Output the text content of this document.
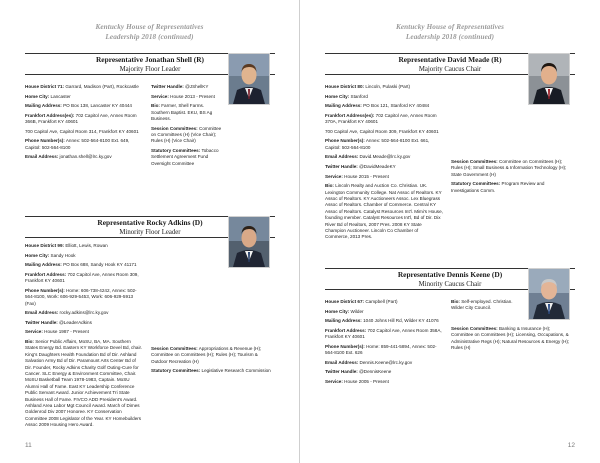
Kentucky House of Representatives
Leadership 2018 (continued)
Representative Jonathan Shell (R)
Majority Floor Leader

House District 71: Garrard, Madison (Part), Rockcastle

Home City: Lancaster

Mailing Address: PO Box 138, Lancaster KY 40444

Frankfort Address(es): 702 Capitol Ave, Annex Room 366B, Frankfort KY 40601

700 Capitol Ave, Capitol Room 314, Frankfort KY 40601

Phone Number(s): Annex: 502-564-8100 Ext. 649, Capitol: 502-564-8100

Email Address: jonathan.shell@lrc.ky.gov

Twitter Handle: @JShellKY

Service: House 2013 - Present

Bio: Farmer, Shell Farms. Southern Baptist. EKU, BS Ag Business.

Session Committees: Committee on Committees (H) (Vice Chair); Rules (H) (Vice Chair)

Statutory Committees: Tobacco Settlement Agreement Fund Oversight Committee

Representative Rocky Adkins (D)
Minority Floor Leader

House District 99: Elliott, Lewis, Rowan

Home City: Sandy Hook

Mailing Address: PO Box 688, Sandy Hook KY 41171

Frankfort Address: 702 Capitol Ave, Annex Room 309, Frankfort KY 40601

Phone Number(s): Home: 606-738-4242, Annex: 502-564-8100, Work: 606-929-5453, Work: 606-929-5913 (Fax)

Email Address: rocky.adkins@lrc.ky.gov

Twitter Handle: @LeaderAdkins

Service: House 1987 - Present

Bio: Senior Public Affairs, MoSU, BA, MA. Southern States Energy Bd. Eastern KY Workforce Devel Bd, chair. King's Daughters Health Foundation Bd of Dir. Ashland Salvation Army Bd of Dir. Paramount Arts Center Bd of Dir. Founder, Rocky Adkins Charity Golf Outing-Cure for Cancer. SLC Energy & Environment Committee, Chair. MoSU Basketball Team 1978-1983, Captain. MoSU Alumni Hall of Fame. East KY Leadership Conference Public Servant Award. Junior Achievement Tri State Business Hall of Fame. FIVCO ADD President's Award. Ashland Area Labor Mgt Council Award. March of Dimes Goldenrod Div 2007 Honoree. KY Conservation Committee 2008 Legislator of the Year. KY Homebuilders Assoc 2009 Housing Hero Award.

Session Committees: Appropriations & Revenue (H); Committee on Committees (H); Rules (H); Tourism & Outdoor Recreation (H)

Statutory Committees: Legislative Research Commission

11
Kentucky House of Representatives
Leadership 2018 (continued)
Representative David Meade (R)
Majority Caucus Chair

House District 80: Lincoln, Pulaski (Part)

Home City: Stanford

Mailing Address: PO Box 121, Stanford KY 40484

Frankfort Address(es): 702 Capitol Ave, Annex Room 370A, Frankfort KY 40601

700 Capitol Ave, Capitol Room 309, Frankfort KY 40601

Phone Number(s): Annex: 502-564-8100 Ext. 661, Capitol: 502-564-8100

Email Address: David.Meade@lrc.ky.gov

Twitter Handle: @DavidMeadeKY

Service: House 2015 - Present

Bio: Lincoln Realty and Auction Co. Christian. UK. Lexington Community College. Nat Assoc of Realtors. KY Assoc of Realtors. KY Auctioneers Assoc. Lex Bluegrass Assoc of Realtors. Chamber of Commerce. Central KY Assoc of Realtors. Catalyst Resources Int'l. Mimi's House, founding member. Catalyst Resources Int'l, Bd of Dir. Dix River Bd of Realtors, 2007 Pres. 2008 KY State Champion Auctioneer. Lincoln Co Chamber of Commerce, 2013 Pres.

Session Committees: Committee on Committees (H); Rules (H); Small Business & Information Technology (H); State Government (H)

Statutory Committees: Program Review and Investigations Comm.

Representative Dennis Keene (D)
Minority Caucus Chair

House District 67: Campbell (Part)

Home City: Wilder

Mailing Address: 1040 Johns Hill Rd, Wilder KY 41076

Frankfort Address: 702 Capitol Ave, Annex Room 358A, Frankfort KY 40601

Phone Number(s): Home: 859-441-5894, Annex: 502-564-8100 Ext. 626

Email Address: Dennis.Keene@lrc.ky.gov

Twitter Handle: @DennisKeene

Service: House 2005 - Present

Bio: Self-employed. Christian. Wilder City Council.

Session Committees: Banking & Insurance (H); Committee on Committees (H); Licensing, Occupations, & Administrative Regs (H); Natural Resources & Energy (H); Rules (H)

12
